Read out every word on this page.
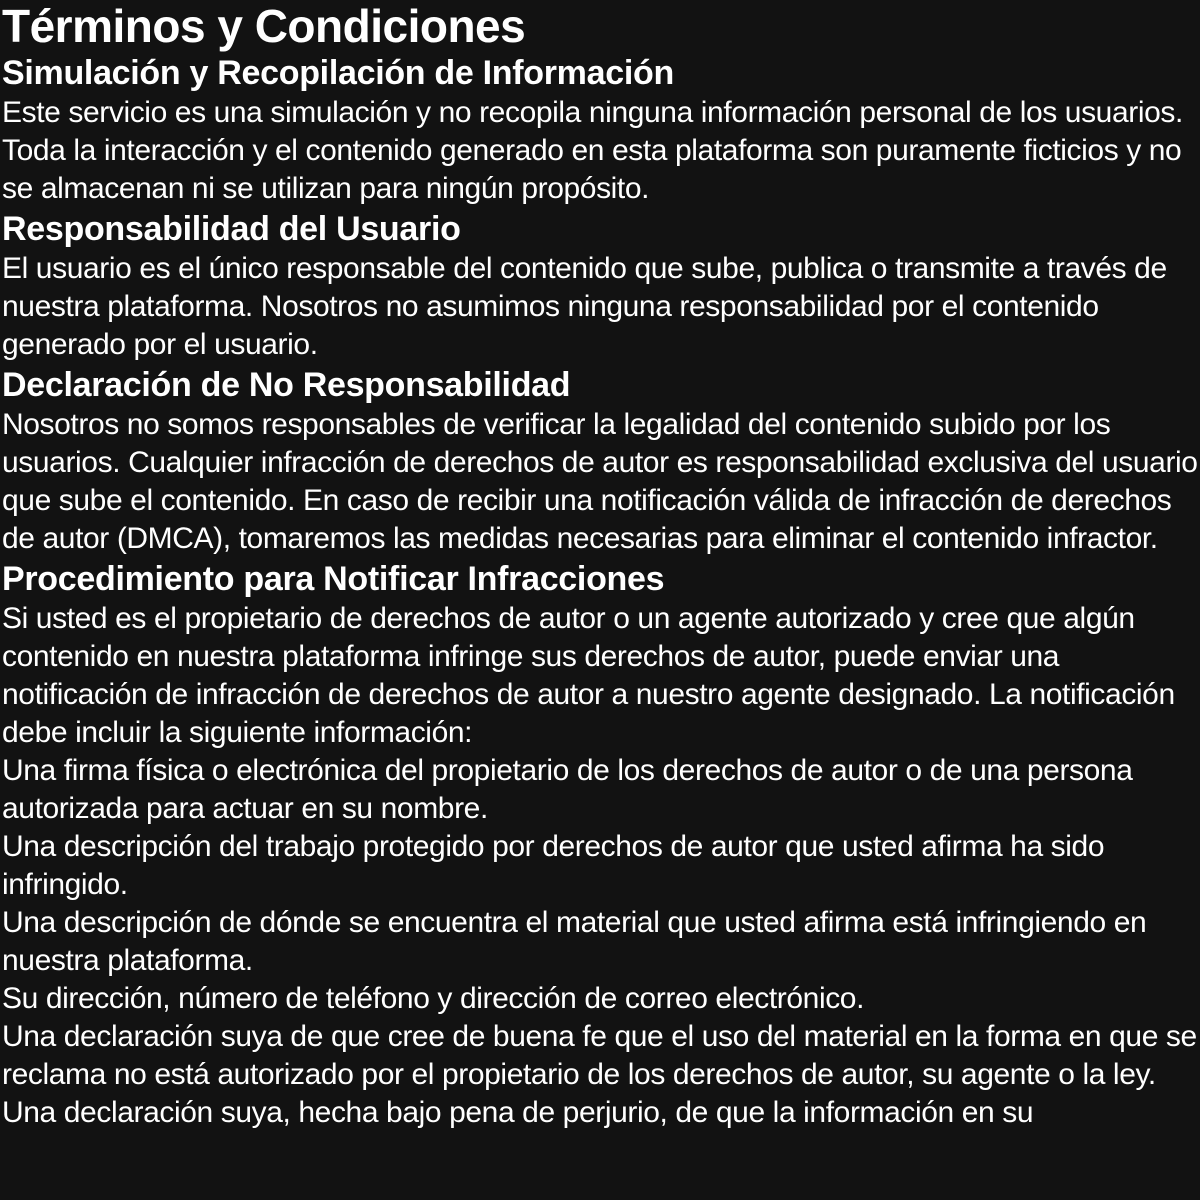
Términos y Condiciones
Simulación y Recopilación de Información

Este servicio es una simulación y no recopila ninguna información personal de los usuarios. Toda la interacción y el contenido generado en esta plataforma son puramente ficticios y no se almacenan ni se utilizan para ningún propósito.

Responsabilidad del Usuario

El usuario es el único responsable del contenido que sube, publica o transmite a través de nuestra plataforma. Nosotros no asumimos ninguna responsabilidad por el contenido generado por el usuario.

Declaración de No Responsabilidad

Nosotros no somos responsables de verificar la legalidad del contenido subido por los usuarios. Cualquier infracción de derechos de autor es responsabilidad exclusiva del usuario que sube el contenido. En caso de recibir una notificación válida de infracción de derechos de autor (DMCA), tomaremos las medidas necesarias para eliminar el contenido infractor.

Procedimiento para Notificar Infracciones

Si usted es el propietario de derechos de autor o un agente autorizado y cree que algún contenido en nuestra plataforma infringe sus derechos de autor, puede enviar una notificación de infracción de derechos de autor a nuestro agente designado. La notificación debe incluir la siguiente información:

Una firma física o electrónica del propietario de los derechos de autor o de una persona autorizada para actuar en su nombre.

Una descripción del trabajo protegido por derechos de autor que usted afirma ha sido infringido.

Una descripción de dónde se encuentra el material que usted afirma está infringiendo en nuestra plataforma.

Su dirección, número de teléfono y dirección de correo electrónico.

Una declaración suya de que cree de buena fe que el uso del material en la forma en que se reclama no está autorizado por el propietario de los derechos de autor, su agente o la ley.

Una declaración suya, hecha bajo pena de perjurio, de que la información en su
